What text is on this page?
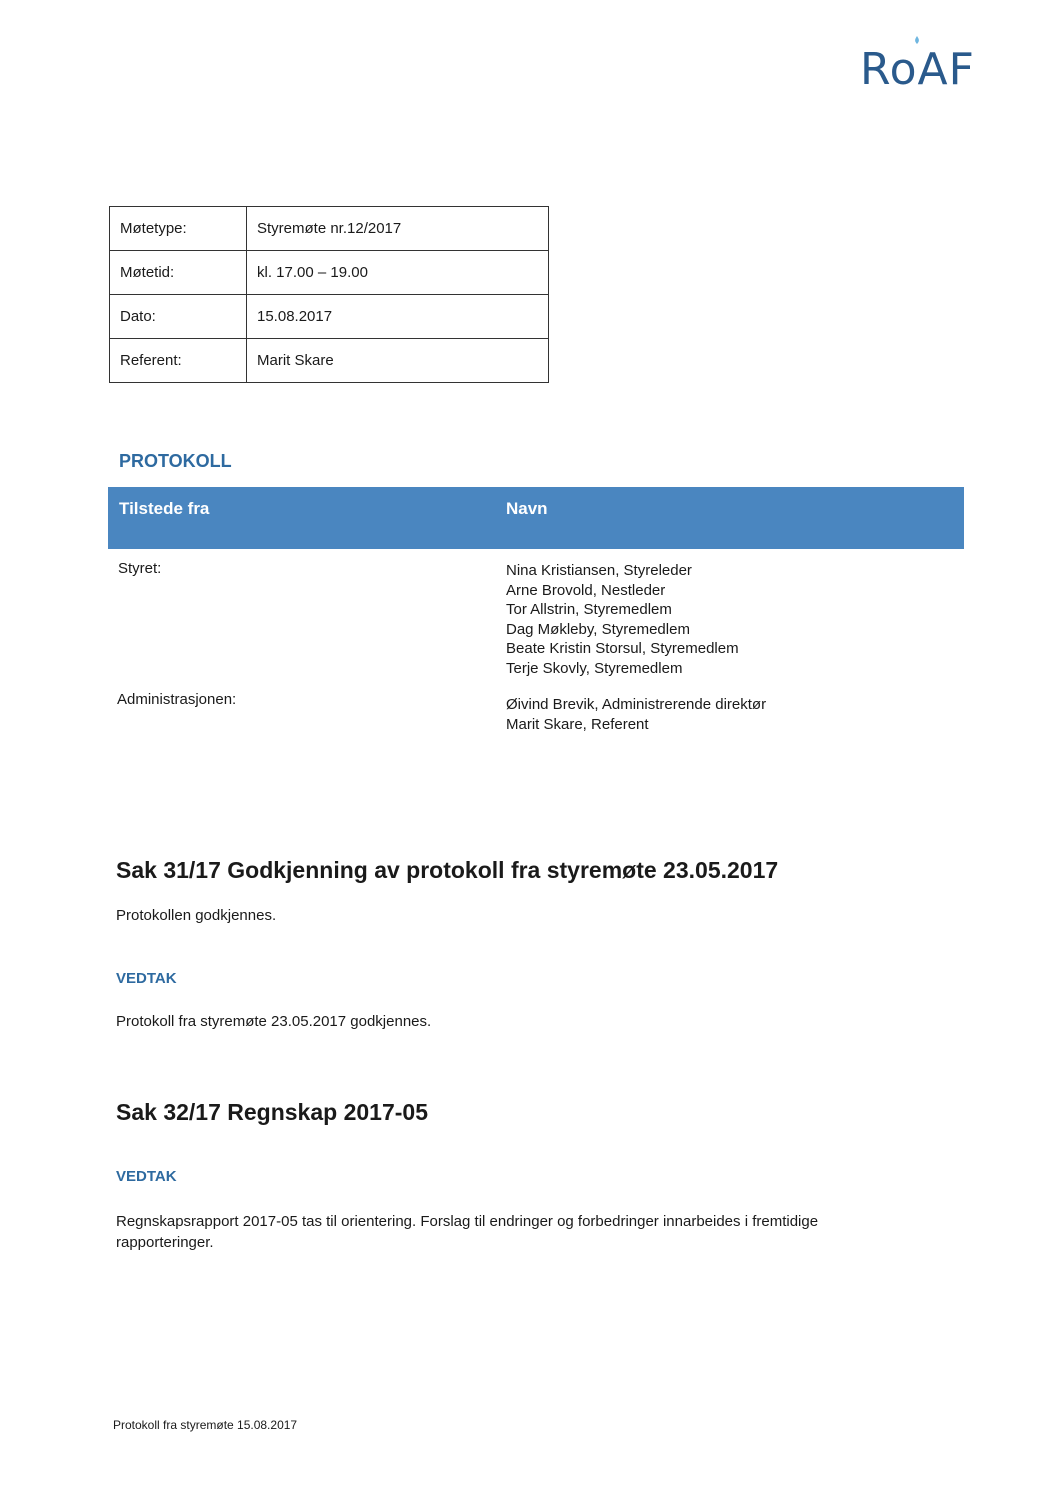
RoAF
Møtetype:	Styremøte nr.12/2017
Møtetid:	kl. 17.00 – 19.00
Dato:	15.08.2017
Referent:	Marit Skare
PROTOKOLL
Tilstede fra	Navn
Styret:	Nina Kristiansen, Styreleder
Arne Brovold, Nestleder
Tor Allstrin, Styremedlem
Dag Møkleby, Styremedlem
Beate Kristin Storsul, Styremedlem
Terje Skovly, Styremedlem
Administrasjonen:	Øivind Brevik, Administrerende direktør
Marit Skare, Referent
Sak 31/17 Godkjenning av protokoll fra styremøte 23.05.2017
Protokollen godkjennes.
VEDTAK
Protokoll fra styremøte 23.05.2017 godkjennes.
Sak 32/17 Regnskap 2017-05
VEDTAK
Regnskapsrapport 2017-05 tas til orientering. Forslag til endringer og forbedringer innarbeides i fremtidige
rapporteringer.
Protokoll fra styremøte 15.08.2017
